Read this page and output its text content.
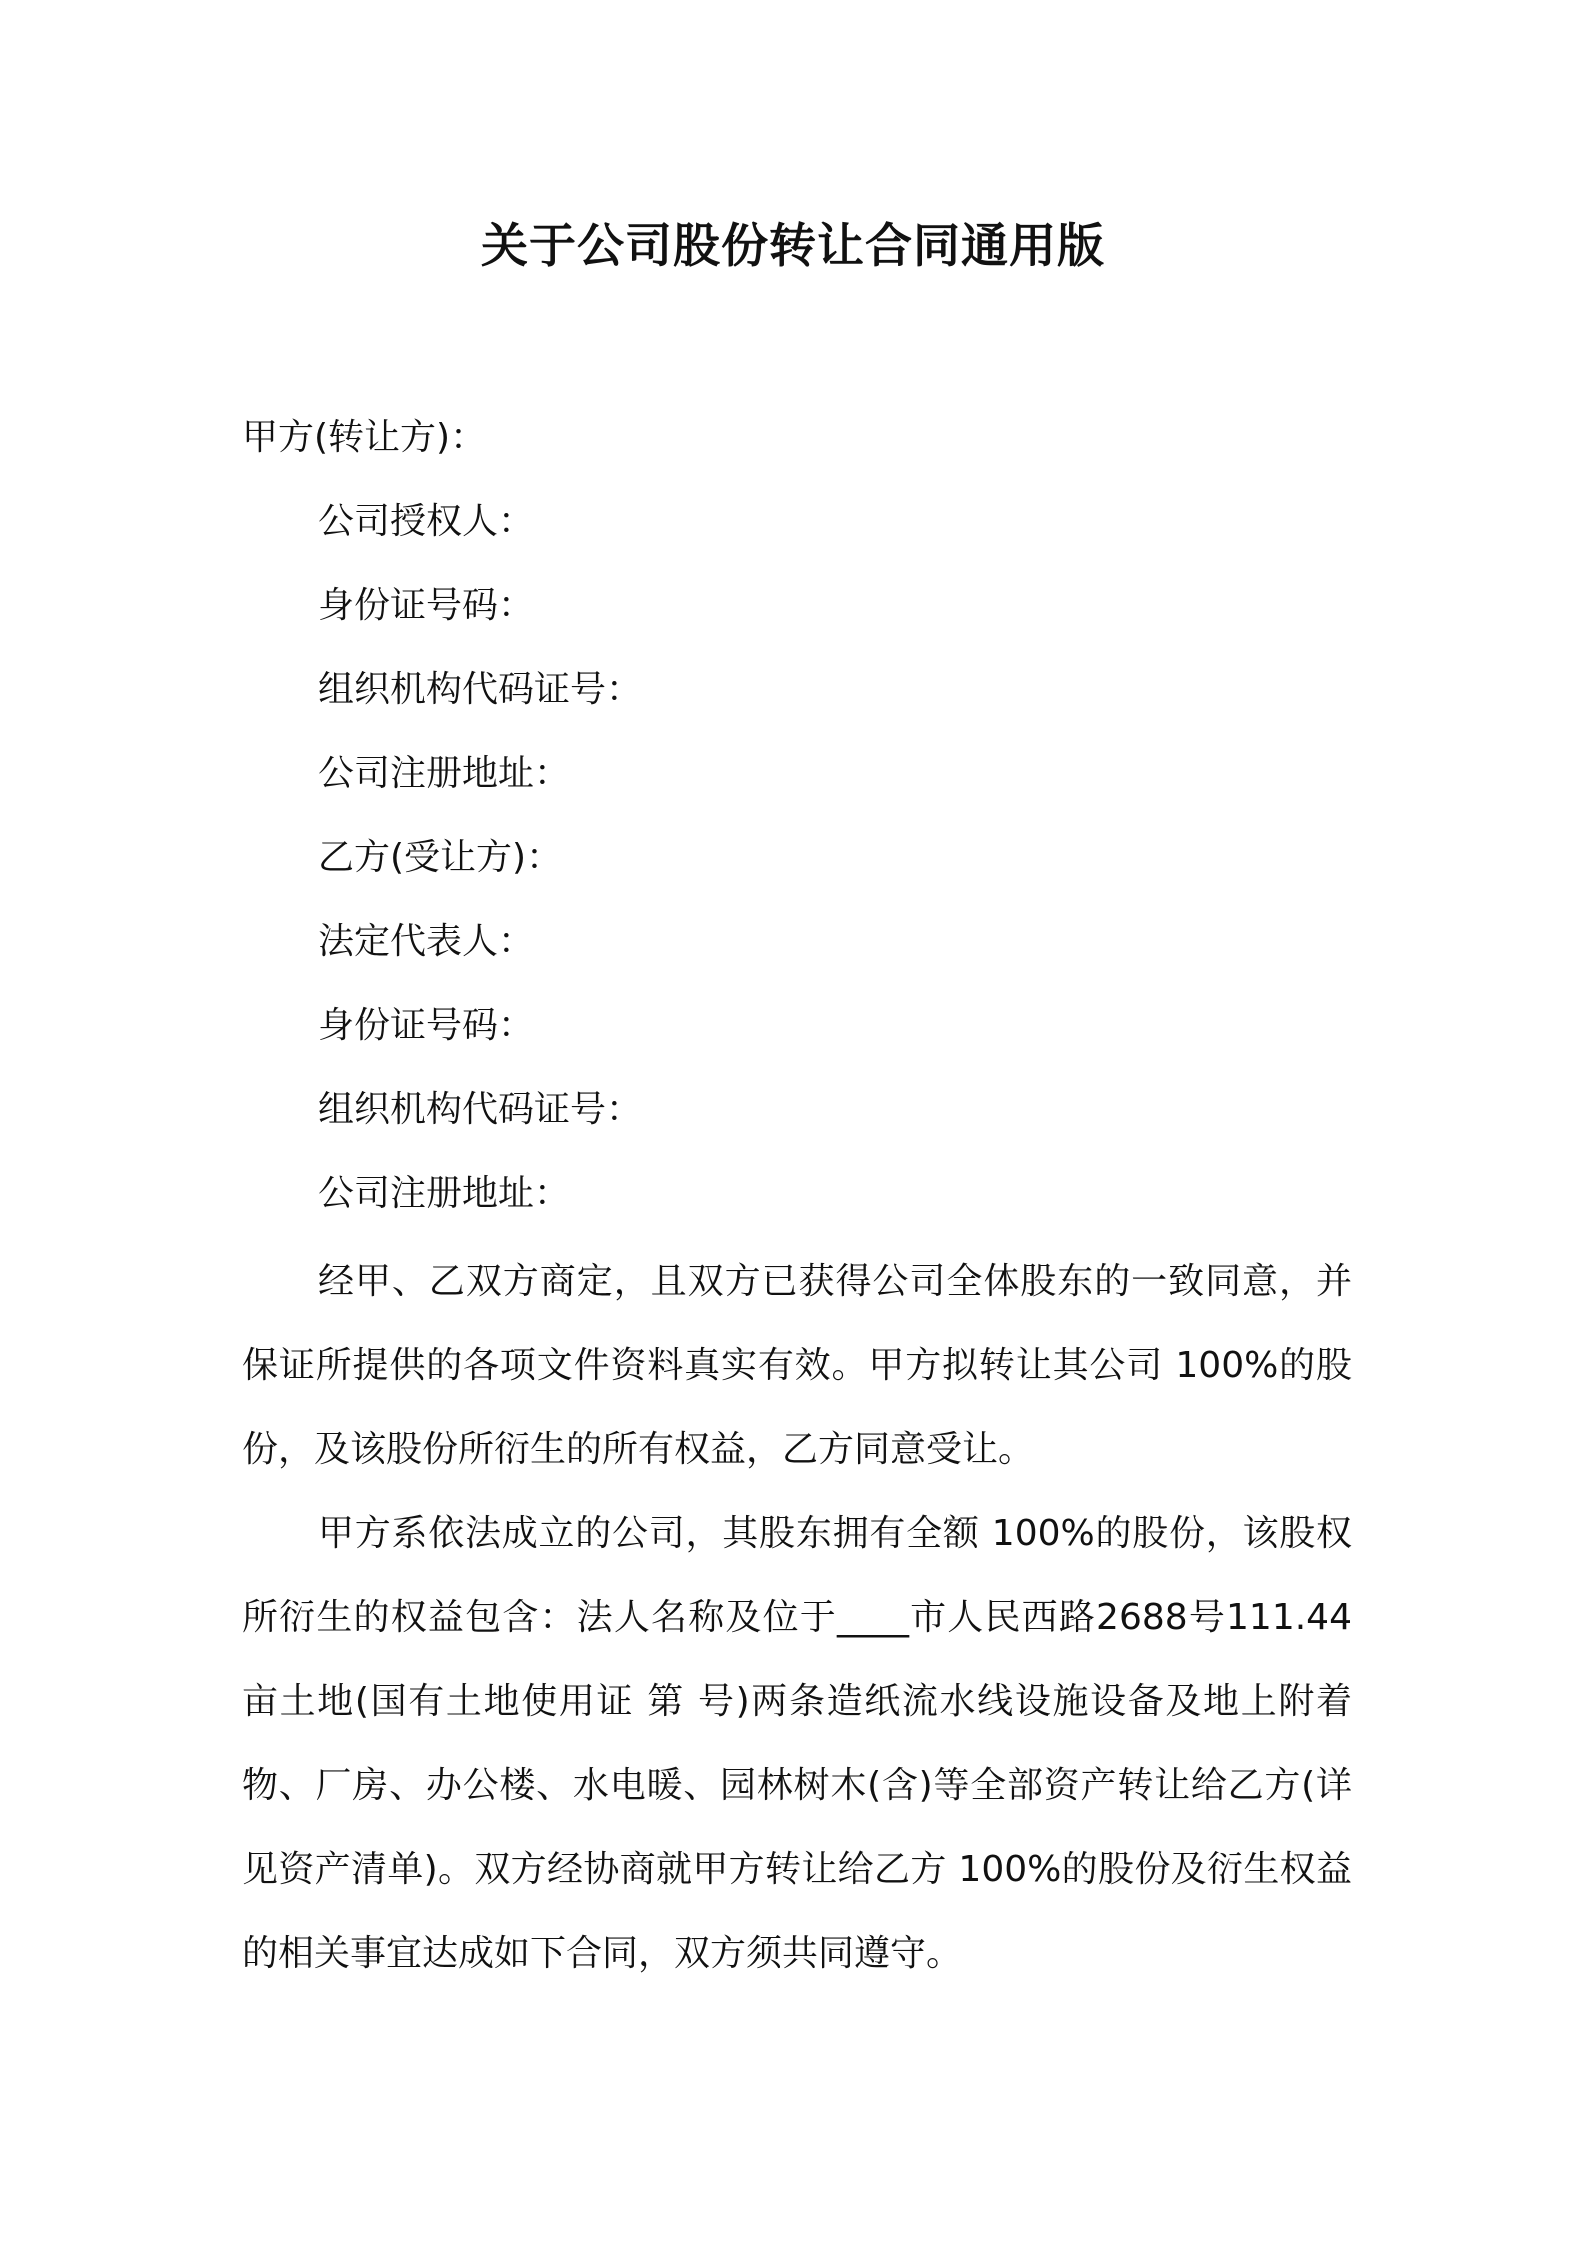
关于公司股份转让合同通用版
甲方(转让方)：
公司授权人：
身份证号码：
组织机构代码证号：
公司注册地址：
乙方(受让方)：
法定代表人：
身份证号码：
组织机构代码证号：
公司注册地址：
经甲、乙双方商定，且双方已获得公司全体股东的一致同意，并保证所提供的各项文件资料真实有效。甲方拟转让其公司 100%的股份，及该股份所衍生的所有权益，乙方同意受让。
甲方系依法成立的公司，其股东拥有全额 100%的股份，该股权所衍生的权益包含：法人名称及位于____市人民西路2688号111.44亩土地(国有土地使用证 第 号)两条造纸流水线设施设备及地上附着物、厂房、办公楼、水电暖、园林树木(含)等全部资产转让给乙方(详见资产清单)。双方经协商就甲方转让给乙方 100%的股份及衍生权益的相关事宜达成如下合同，双方须共同遵守。
